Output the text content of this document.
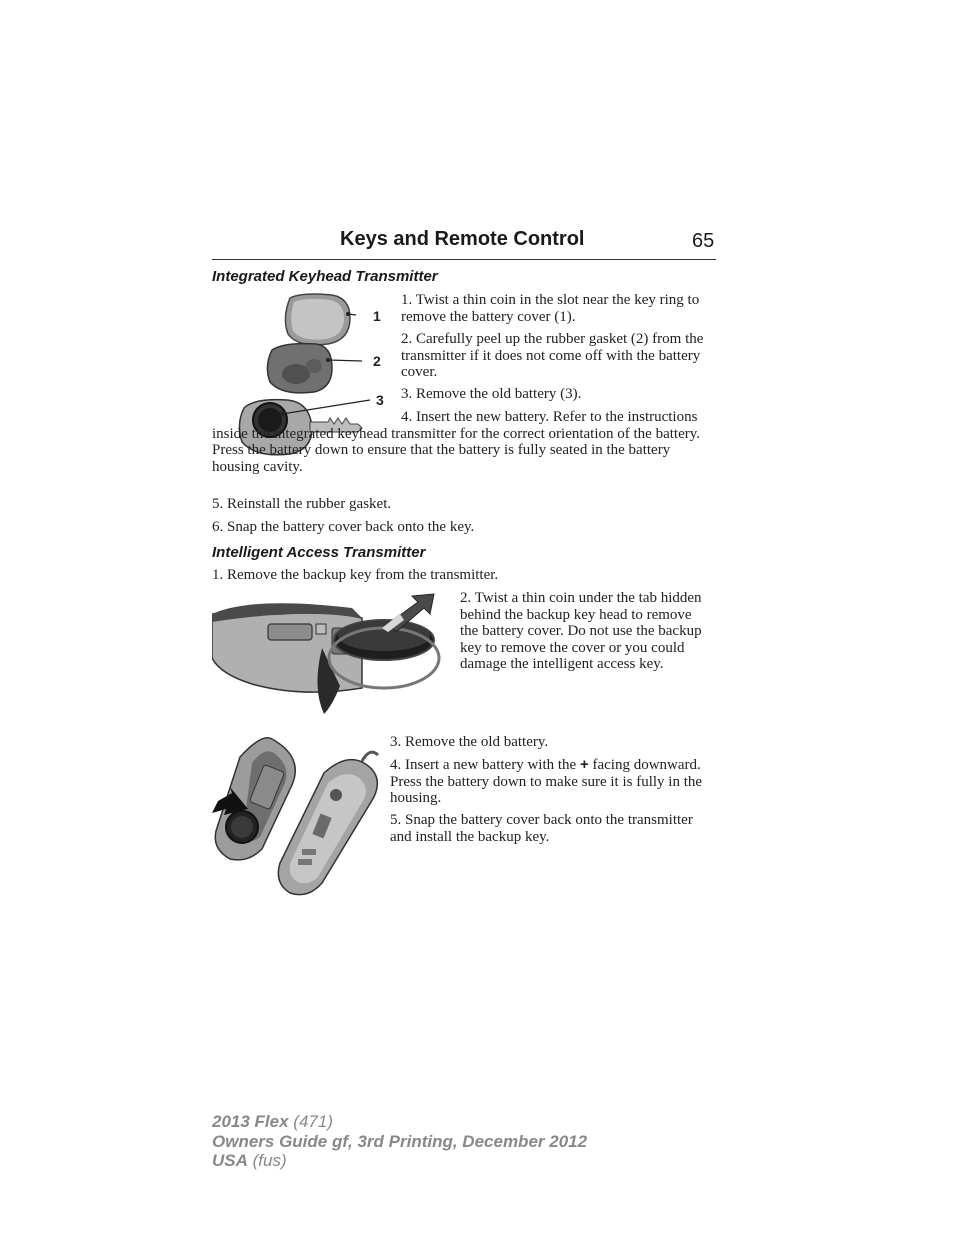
Keys and Remote Control	65
Integrated Keyhead Transmitter
1
2
3

1. Twist a thin coin in the slot near the key ring to remove the battery cover (1).

2. Carefully peel up the rubber gasket (2) from the transmitter if it does not come off with the battery cover.

3. Remove the old battery (3).

4. Insert the new battery. Refer to the instructions inside the integrated keyhead transmitter for the correct orientation of the battery. Press the battery down to ensure that the battery is fully seated in the battery housing cavity.

5. Reinstall the rubber gasket.

6. Snap the battery cover back onto the key.

Intelligent Access Transmitter

1. Remove the backup key from the transmitter.

2. Twist a thin coin under the tab hidden behind the backup key head to remove the battery cover. Do not use the backup key to remove the cover or you could damage the intelligent access key.

3. Remove the old battery.

4. Insert a new battery with the + facing downward. Press the battery down to make sure it is fully in the housing.

5. Snap the battery cover back onto the transmitter and install the backup key.

2013 Flex (471)
Owners Guide gf, 3rd Printing, December 2012
USA (fus)
